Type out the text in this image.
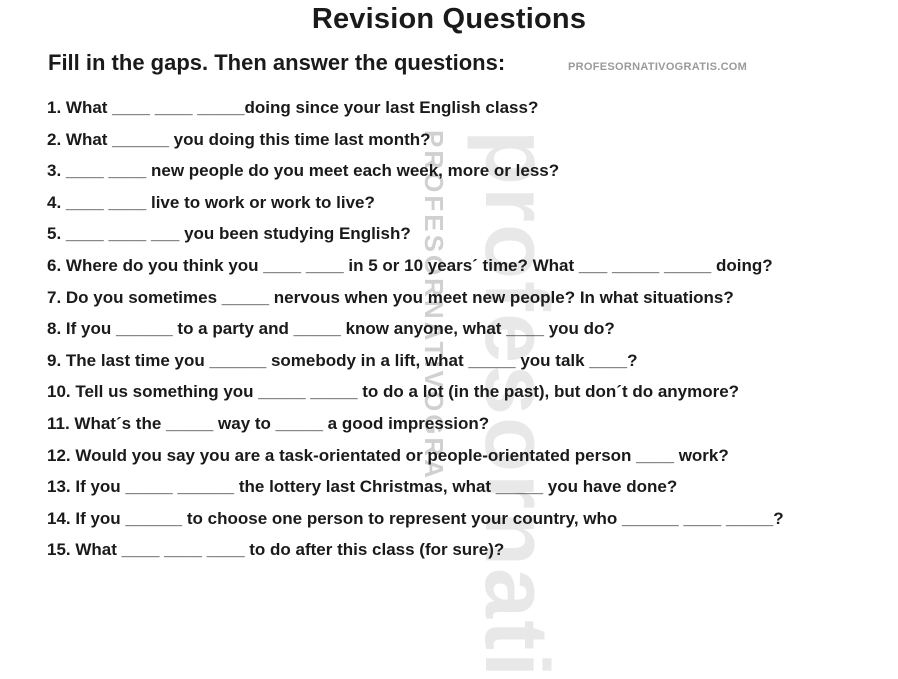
Revision Questions
Fill in the gaps. Then answer the questions:	PROFESORNATIVOGRATIS.COM
profesornati
PROFESORNATIVOGRA
1. What ____ ____ _____doing since your last English class?
2. What ______ you doing this time last month?
3. ____ ____ new people do you meet each week, more or less?
4. ____ ____ live to work or work to live?
5. ____ ____ ___ you been studying English?
6. Where do you think you ____ ____ in 5 or 10 years´ time? What ___ _____ _____ doing?
7. Do you sometimes _____ nervous when you meet new people? In what situations?
8. If you ______ to a party and _____ know anyone, what ____ you do?
9. The last time you ______ somebody in a lift, what _____ you talk ____?
10. Tell us something you _____ _____ to do a lot (in the past), but don´t do anymore?
11. What´s the _____ way to _____ a good impression?
12. Would you say you are a task-orientated or people-orientated person ____ work?
13. If you _____ ______ the lottery last Christmas, what _____ you have done?
14. If you ______ to choose one person to represent your country, who ______ ____ _____?
15. What ____ ____ ____ to do after this class (for sure)?
